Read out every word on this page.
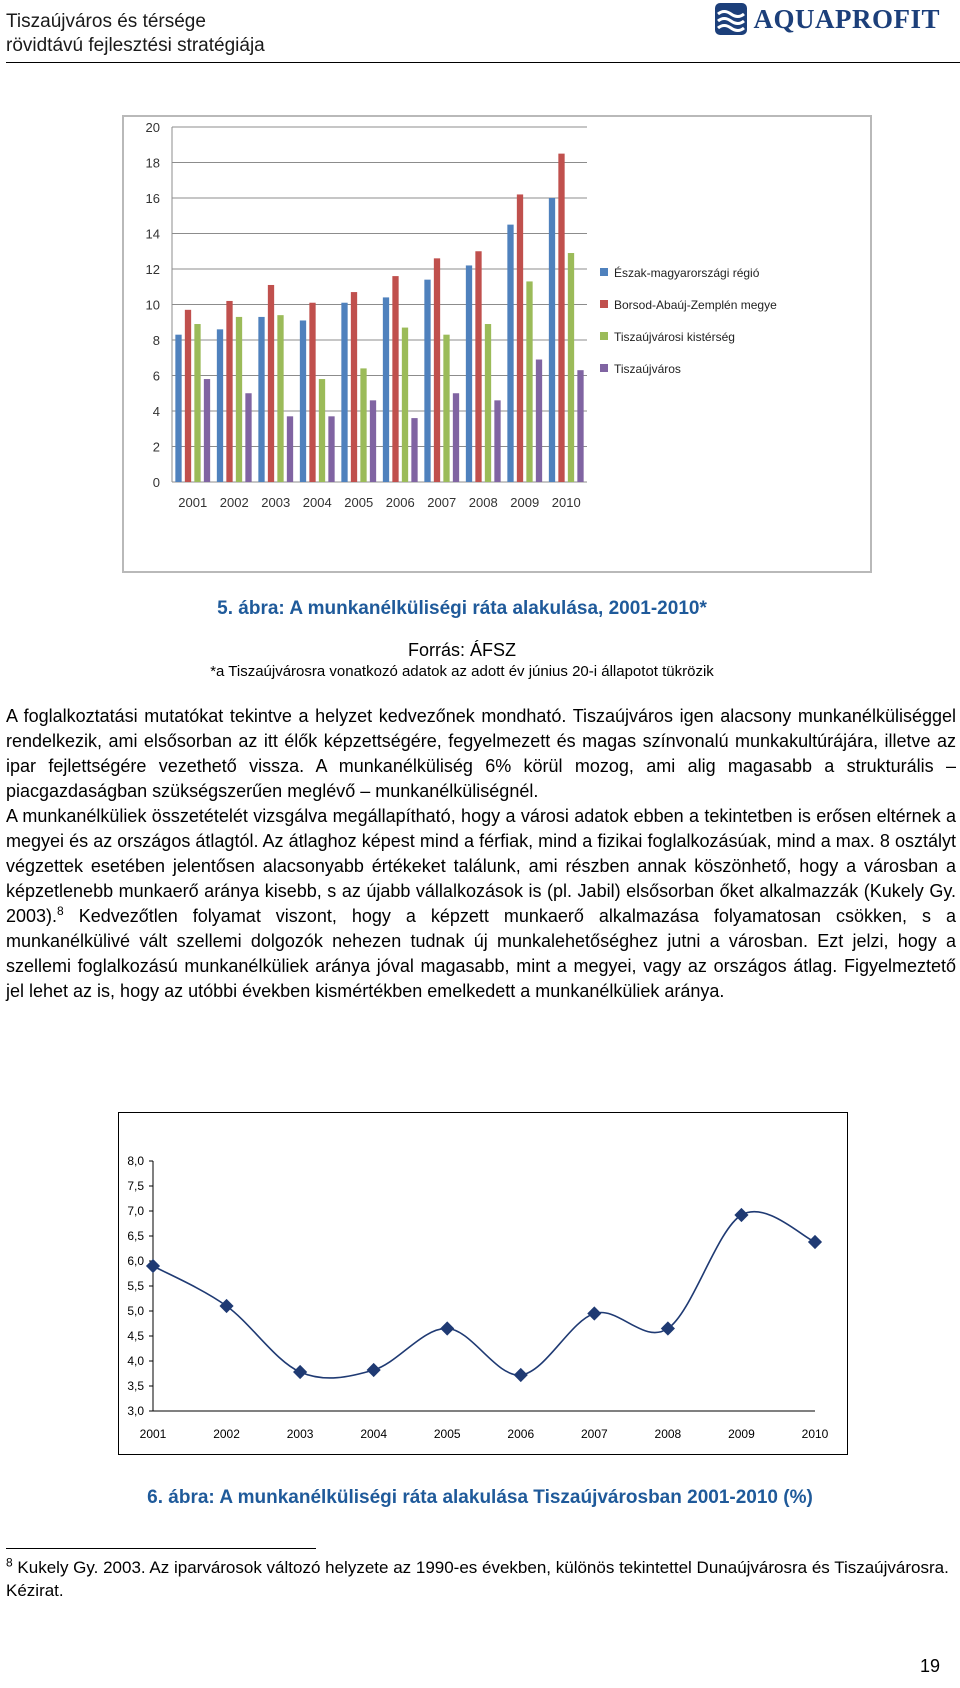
Tiszaújváros és térsége
rövidtávú fejlesztési stratégiája
AQUAPROFIT
0
2
4
6
8
10
12
14
16
18
20
2001 2002 2003 2004 2005 2006 2007 2008 2009 2010
Észak-magyarországi régió
Borsod-Abaúj-Zemplén megye
Tiszaújvárosi kistérség
Tiszaújváros
5. ábra: A munkanélküliségi ráta alakulása, 2001-2010*
Forrás: ÁFSZ
*a Tiszaújvárosra vonatkozó adatok az adott év június 20-i állapotot tükrözik

A foglalkoztatási mutatókat tekintve a helyzet kedvezőnek mondható. Tiszaújváros igen alacsony munkanélküliséggel rendelkezik, ami elsősorban az itt élők képzettségére, fegyelmezett és magas színvonalú munkakultúrájára, illetve az ipar fejlettségére vezethető vissza. A munkanélküliség 6% körül mozog, ami alig magasabb a strukturális – piacgazdaságban szükségszerűen meglévő – munkanélküliségnél.

A munkanélküliek összetételét vizsgálva megállapítható, hogy a városi adatok ebben a tekintetben is erősen eltérnek a megyei és az országos átlagtól. Az átlaghoz képest mind a férfiak, mind a fizikai foglalkozásúak, mind a max. 8 osztályt végzettek esetében jelentősen alacsonyabb értékeket találunk, ami részben annak köszönhető, hogy a városban a képzetlenebb munkaerő aránya kisebb, s az újabb vállalkozások is (pl. Jabil) elsősorban őket alkalmazzák (Kukely Gy. 2003).$^8$ Kedvezőtlen folyamat viszont, hogy a képzett munkaerő alkalmazása folyamatosan csökken, s a munkanélkülivé vált szellemi dolgozók nehezen tudnak új munkalehetőséghez jutni a városban. Ezt jelzi, hogy a szellemi foglalkozású munkanélküliek aránya jóval magasabb, mint a megyei, vagy az országos átlag. Figyelmeztető jel lehet az is, hogy az utóbbi években kismértékben emelkedett a munkanélküliek aránya.

3,0
3,5
4,0
4,5
5,0
5,5
6,0
6,5
7,0
7,5
8,0
2001	2002	2003	2004	2005	2006	2007	2008	2009	2010
6. ábra: A munkanélküliségi ráta alakulása Tiszaújvárosban 2001-2010 (%)
$^8$ Kukely Gy. 2003. Az iparvárosok változó helyzete az 1990-es években, különös tekintettel Dunaújvárosra és Tiszaújvárosra. Kézirat.
19
